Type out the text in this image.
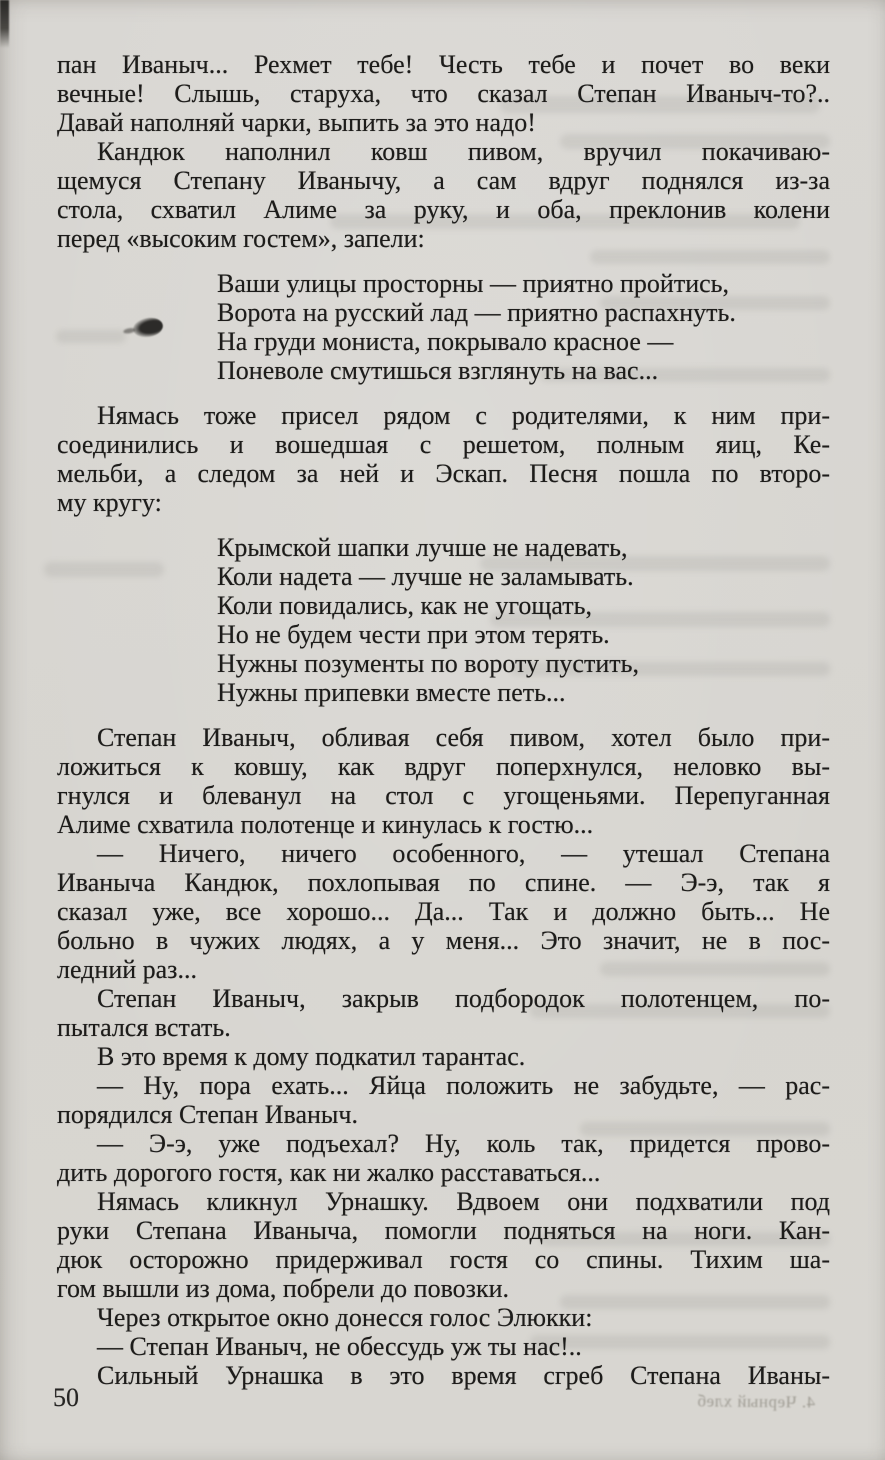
пан Иваныч... Рехмет тебе! Честь тебе и почет во веки
вечные! Слышь, старуха, что сказал Степан Иваныч-то?..
Давай наполняй чарки, выпить за это надо!
Кандюк наполнил ковш пивом, вручил покачиваю-
щемуся Степану Иванычу, а сам вдруг поднялся из-за
стола, схватил Алиме за руку, и оба, преклонив колени
перед «высоким гостем», запели:
Ваши улицы просторны — приятно пройтись,
Ворота на русский лад — приятно распахнуть.
На груди мониста, покрывало красное —
Поневоле смутишься взглянуть на вас...
Нямась тоже присел рядом с родителями, к ним при-
соединились и вошедшая с решетом, полным яиц, Ке-
мельби, а следом за ней и Эскап. Песня пошла по второ-
му кругу:
Крымской шапки лучше не надевать,
Коли надета — лучше не заламывать.
Коли повидались, как не угощать,
Но не будем чести при этом терять.
Нужны позументы по вороту пустить,
Нужны припевки вместе петь...
Степан Иваныч, обливая себя пивом, хотел было при-
ложиться к ковшу, как вдруг поперхнулся, неловко вы-
гнулся и блеванул на стол с угощеньями. Перепуганная
Алиме схватила полотенце и кинулась к гостю...
— Ничего, ничего особенного, — утешал Степана
Иваныча Кандюк, похлопывая по спине. — Э-э, так я
сказал уже, все хорошо... Да... Так и должно быть... Не
больно в чужих людях, а у меня... Это значит, не в пос-
ледний раз...
Степан Иваныч, закрыв подбородок полотенцем, по-
пытался встать.
В это время к дому подкатил тарантас.
— Ну, пора ехать... Яйца положить не забудьте, — рас-
порядился Степан Иваныч.
— Э-э, уже подъехал? Ну, коль так, придется прово-
дить дорогого гостя, как ни жалко расставаться...
Нямась кликнул Урнашку. Вдвоем они подхватили под
руки Степана Иваныча, помогли подняться на ноги. Кан-
дюк осторожно придерживал гостя со спины. Тихим ша-
гом вышли из дома, побрели до повозки.
Через открытое окно донесся голос Элюкки:
— Степан Иваныч, не обессудь уж ты нас!..
Сильный Урнашка в это время сгреб Степана Иваны-
50	4. Черный хлеб
